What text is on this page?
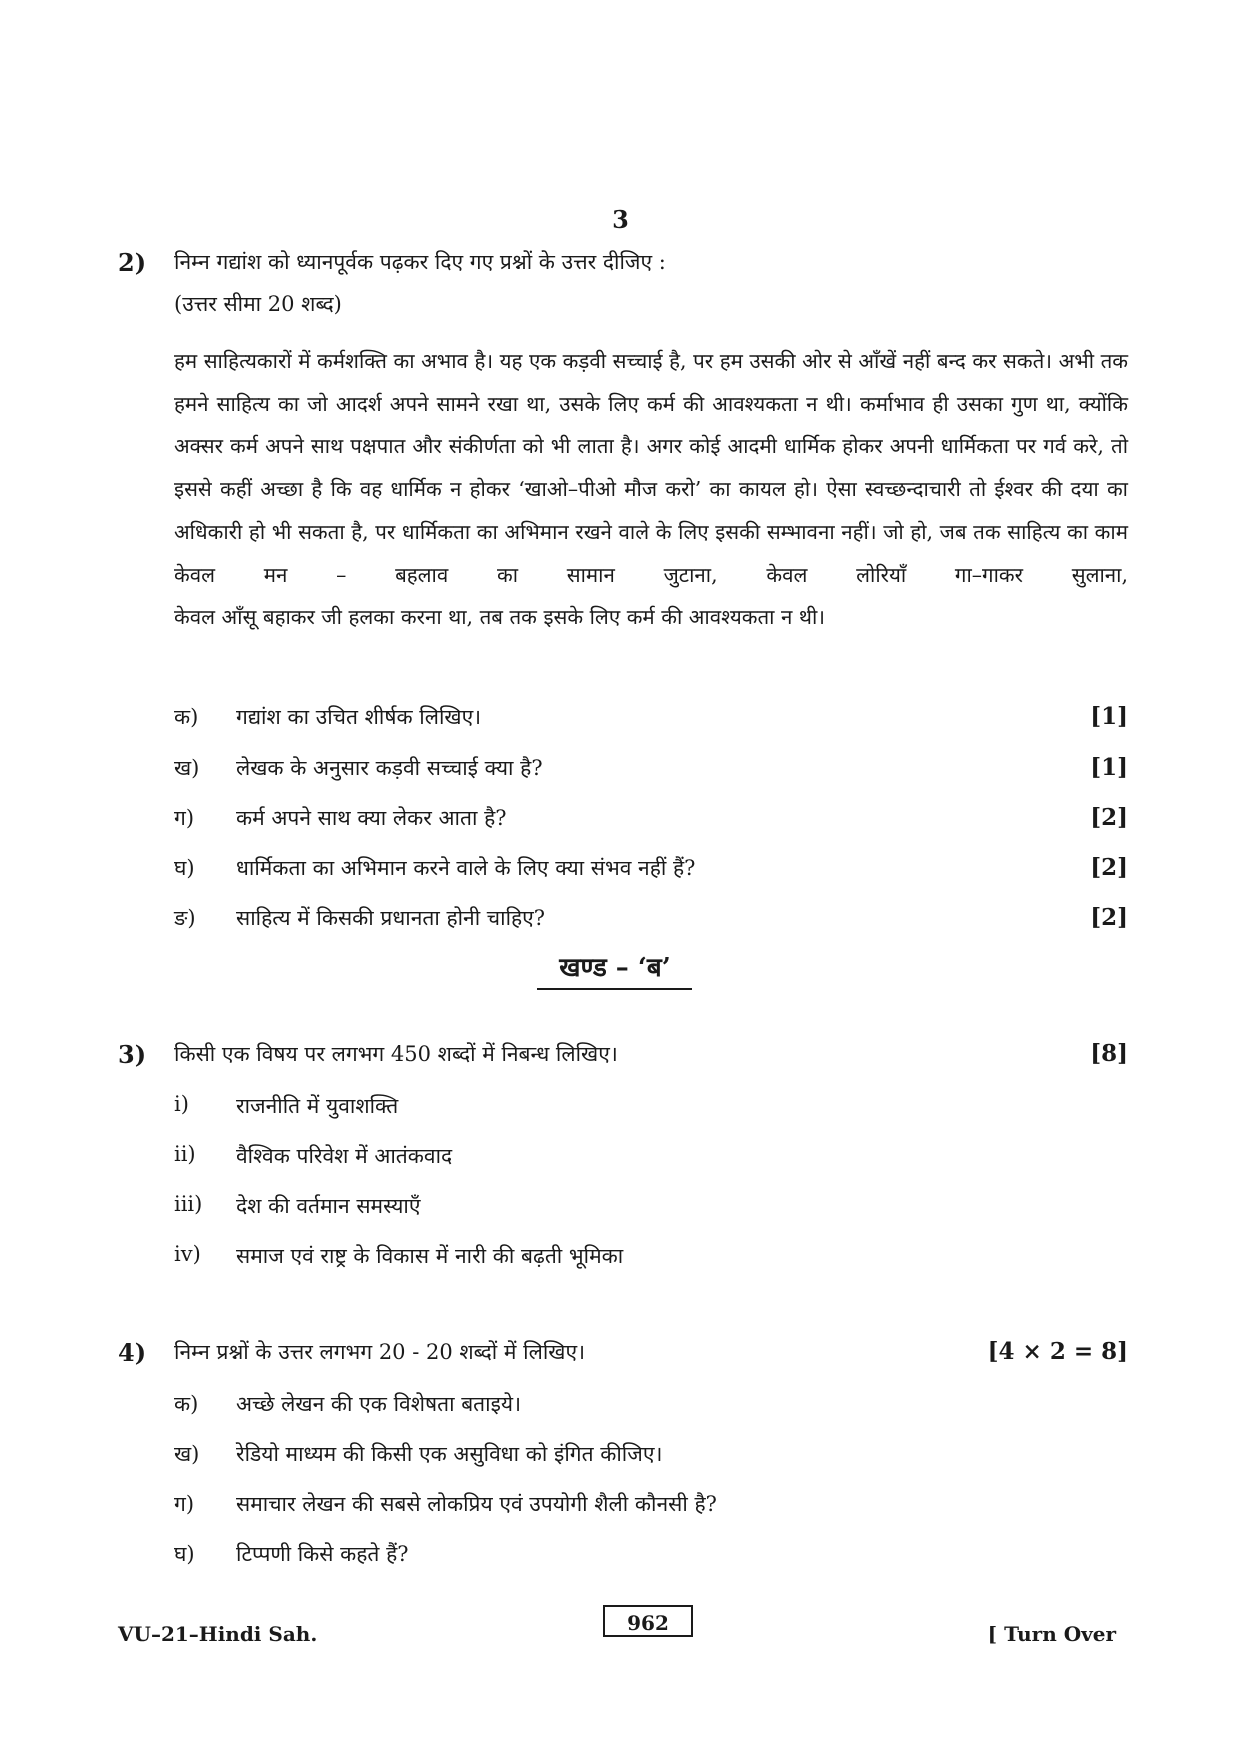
3
2) निम्न गद्यांश को ध्यानपूर्वक पढ़कर दिए गए प्रश्नों के उत्तर दीजिए :
(उत्तर सीमा 20 शब्द)

हम साहित्यकारों में कर्मशक्ति का अभाव है। यह एक कड़वी सच्चाई है, पर हम उसकी ओर से आँखें नहीं बन्द कर सकते। अभी तक हमने साहित्य का जो आदर्श अपने सामने रखा था, उसके लिए कर्म की आवश्यकता न थी। कर्माभाव ही उसका गुण था, क्योंकि अक्सर कर्म अपने साथ पक्षपात और संकीर्णता को भी लाता है। अगर कोई आदमी धार्मिक होकर अपनी धार्मिकता पर गर्व करे, तो इससे कहीं अच्छा है कि वह धार्मिक न होकर ‘खाओ–पीओ मौज करो’ का कायल हो। ऐसा स्वच्छन्दाचारी तो ईश्वर की दया का अधिकारी हो भी सकता है, पर धार्मिकता का अभिमान रखने वाले के लिए इसकी सम्भावना नहीं। जो हो, जब तक साहित्य का काम केवल मन – बहलाव का सामान जुटाना, केवल लोरियाँ गा–गाकर सुलाना,
केवल आँसू बहाकर जी हलका करना था, तब तक इसके लिए कर्म की आवश्यकता न थी।

क) गद्यांश का उचित शीर्षक लिखिए।	[1]
ख) लेखक के अनुसार कड़वी सच्चाई क्या है?	[1]
ग) कर्म अपने साथ क्या लेकर आता है?	[2]
घ) धार्मिकता का अभिमान करने वाले के लिए क्या संभव नहीं हैं?	[2]
ङ) साहित्य में किसकी प्रधानता होनी चाहिए?	[2]
खण्ड – ‘ब’
3) किसी एक विषय पर लगभग 450 शब्दों में निबन्ध लिखिए।	[8]
i) राजनीति में युवाशक्ति
ii) वैश्विक परिवेश में आतंकवाद
iii) देश की वर्तमान समस्याएँ
iv) समाज एवं राष्ट्र के विकास में नारी की बढ़ती भूमिका
4) निम्न प्रश्नों के उत्तर लगभग 20 - 20 शब्दों में लिखिए।	[4 × 2 = 8]
क) अच्छे लेखन की एक विशेषता बताइये।
ख) रेडियो माध्यम की किसी एक असुविधा को इंगित कीजिए।
ग) समाचार लेखन की सबसे लोकप्रिय एवं उपयोगी शैली कौनसी है?
घ) टिप्पणी किसे कहते हैं?
VU–21–Hindi Sah.	962	[ Turn Over
